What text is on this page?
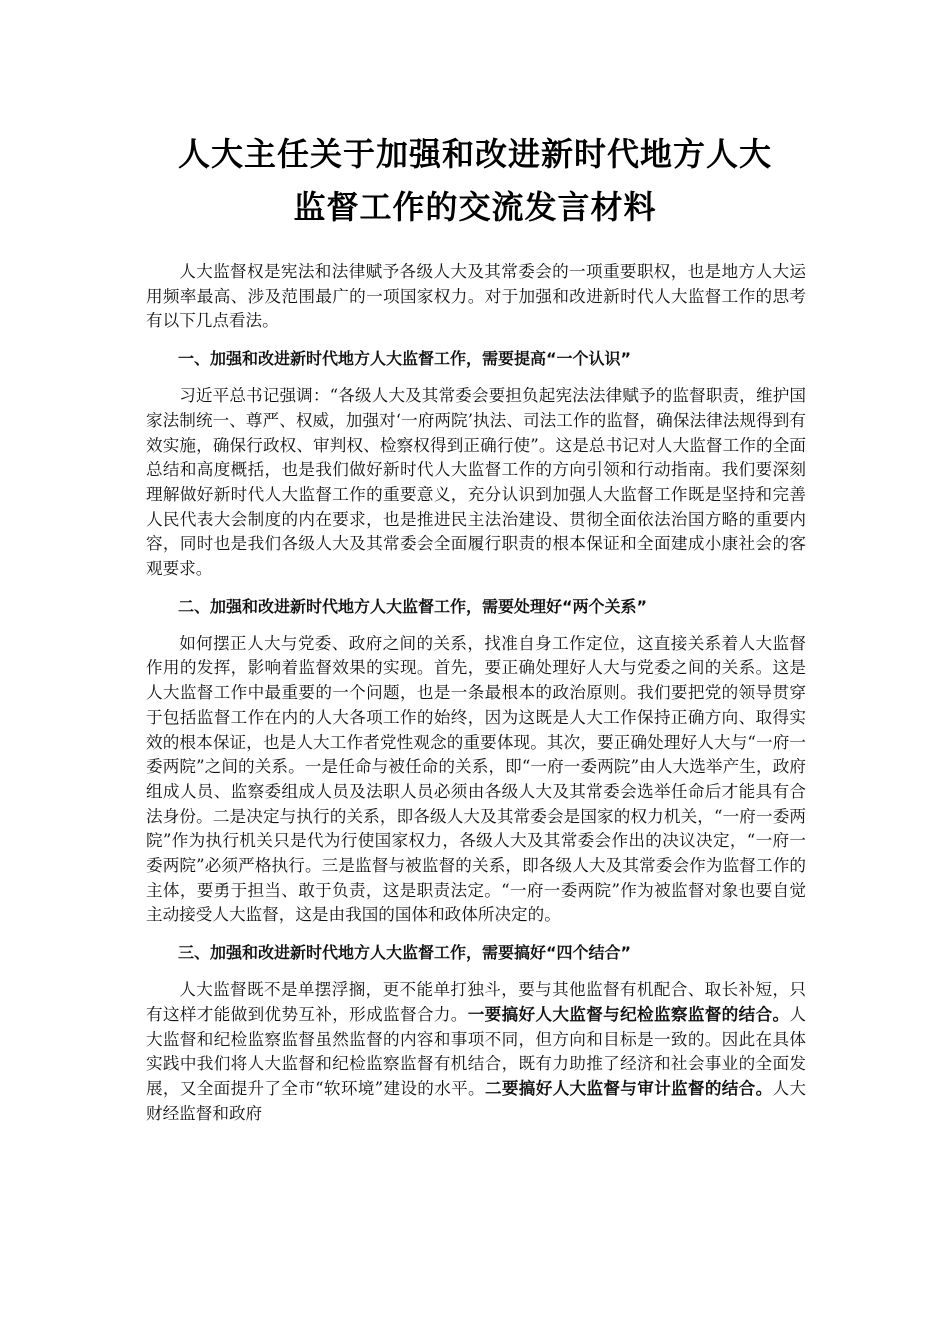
人大主任关于加强和改进新时代地方人大
监督工作的交流发言材料

人大监督权是宪法和法律赋予各级人大及其常委会的一项重要职权，也是地方人大运用频率最高、涉及范围最广的一项国家权力。对于加强和改进新时代人大监督工作的思考有以下几点看法。

一、加强和改进新时代地方人大监督工作，需要提高“一个认识”

习近平总书记强调：“各级人大及其常委会要担负起宪法法律赋予的监督职责，维护国家法制统一、尊严、权威，加强对‘一府两院’执法、司法工作的监督，确保法律法规得到有效实施，确保行政权、审判权、检察权得到正确行使”。这是总书记对人大监督工作的全面总结和高度概括，也是我们做好新时代人大监督工作的方向引领和行动指南。我们要深刻理解做好新时代人大监督工作的重要意义，充分认识到加强人大监督工作既是坚持和完善人民代表大会制度的内在要求，也是推进民主法治建设、贯彻全面依法治国方略的重要内容，同时也是我们各级人大及其常委会全面履行职责的根本保证和全面建成小康社会的客观要求。

二、加强和改进新时代地方人大监督工作，需要处理好“两个关系”

如何摆正人大与党委、政府之间的关系，找准自身工作定位，这直接关系着人大监督作用的发挥，影响着监督效果的实现。首先，要正确处理好人大与党委之间的关系。这是人大监督工作中最重要的一个问题，也是一条最根本的政治原则。我们要把党的领导贯穿于包括监督工作在内的人大各项工作的始终，因为这既是人大工作保持正确方向、取得实效的根本保证，也是人大工作者党性观念的重要体现。其次，要正确处理好人大与“一府一委两院”之间的关系。一是任命与被任命的关系，即“一府一委两院”由人大选举产生，政府组成人员、监察委组成人员及法职人员必须由各级人大及其常委会选举任命后才能具有合法身份。二是决定与执行的关系，即各级人大及其常委会是国家的权力机关，“一府一委两院”作为执行机关只是代为行使国家权力，各级人大及其常委会作出的决议决定，“一府一委两院”必须严格执行。三是监督与被监督的关系，即各级人大及其常委会作为监督工作的主体，要勇于担当、敢于负责，这是职责法定。“一府一委两院”作为被监督对象也要自觉主动接受人大监督，这是由我国的国体和政体所决定的。

三、加强和改进新时代地方人大监督工作，需要搞好“四个结合”

人大监督既不是单摆浮搁，更不能单打独斗，要与其他监督有机配合、取长补短，只有这样才能做到优势互补，形成监督合力。一要搞好人大监督与纪检监察监督的结合。人大监督和纪检监察监督虽然监督的内容和事项不同，但方向和目标是一致的。因此在具体实践中我们将人大监督和纪检监察监督有机结合，既有力助推了经济和社会事业的全面发展，又全面提升了全市“软环境”建设的水平。二要搞好人大监督与审计监督的结合。人大财经监督和政府
